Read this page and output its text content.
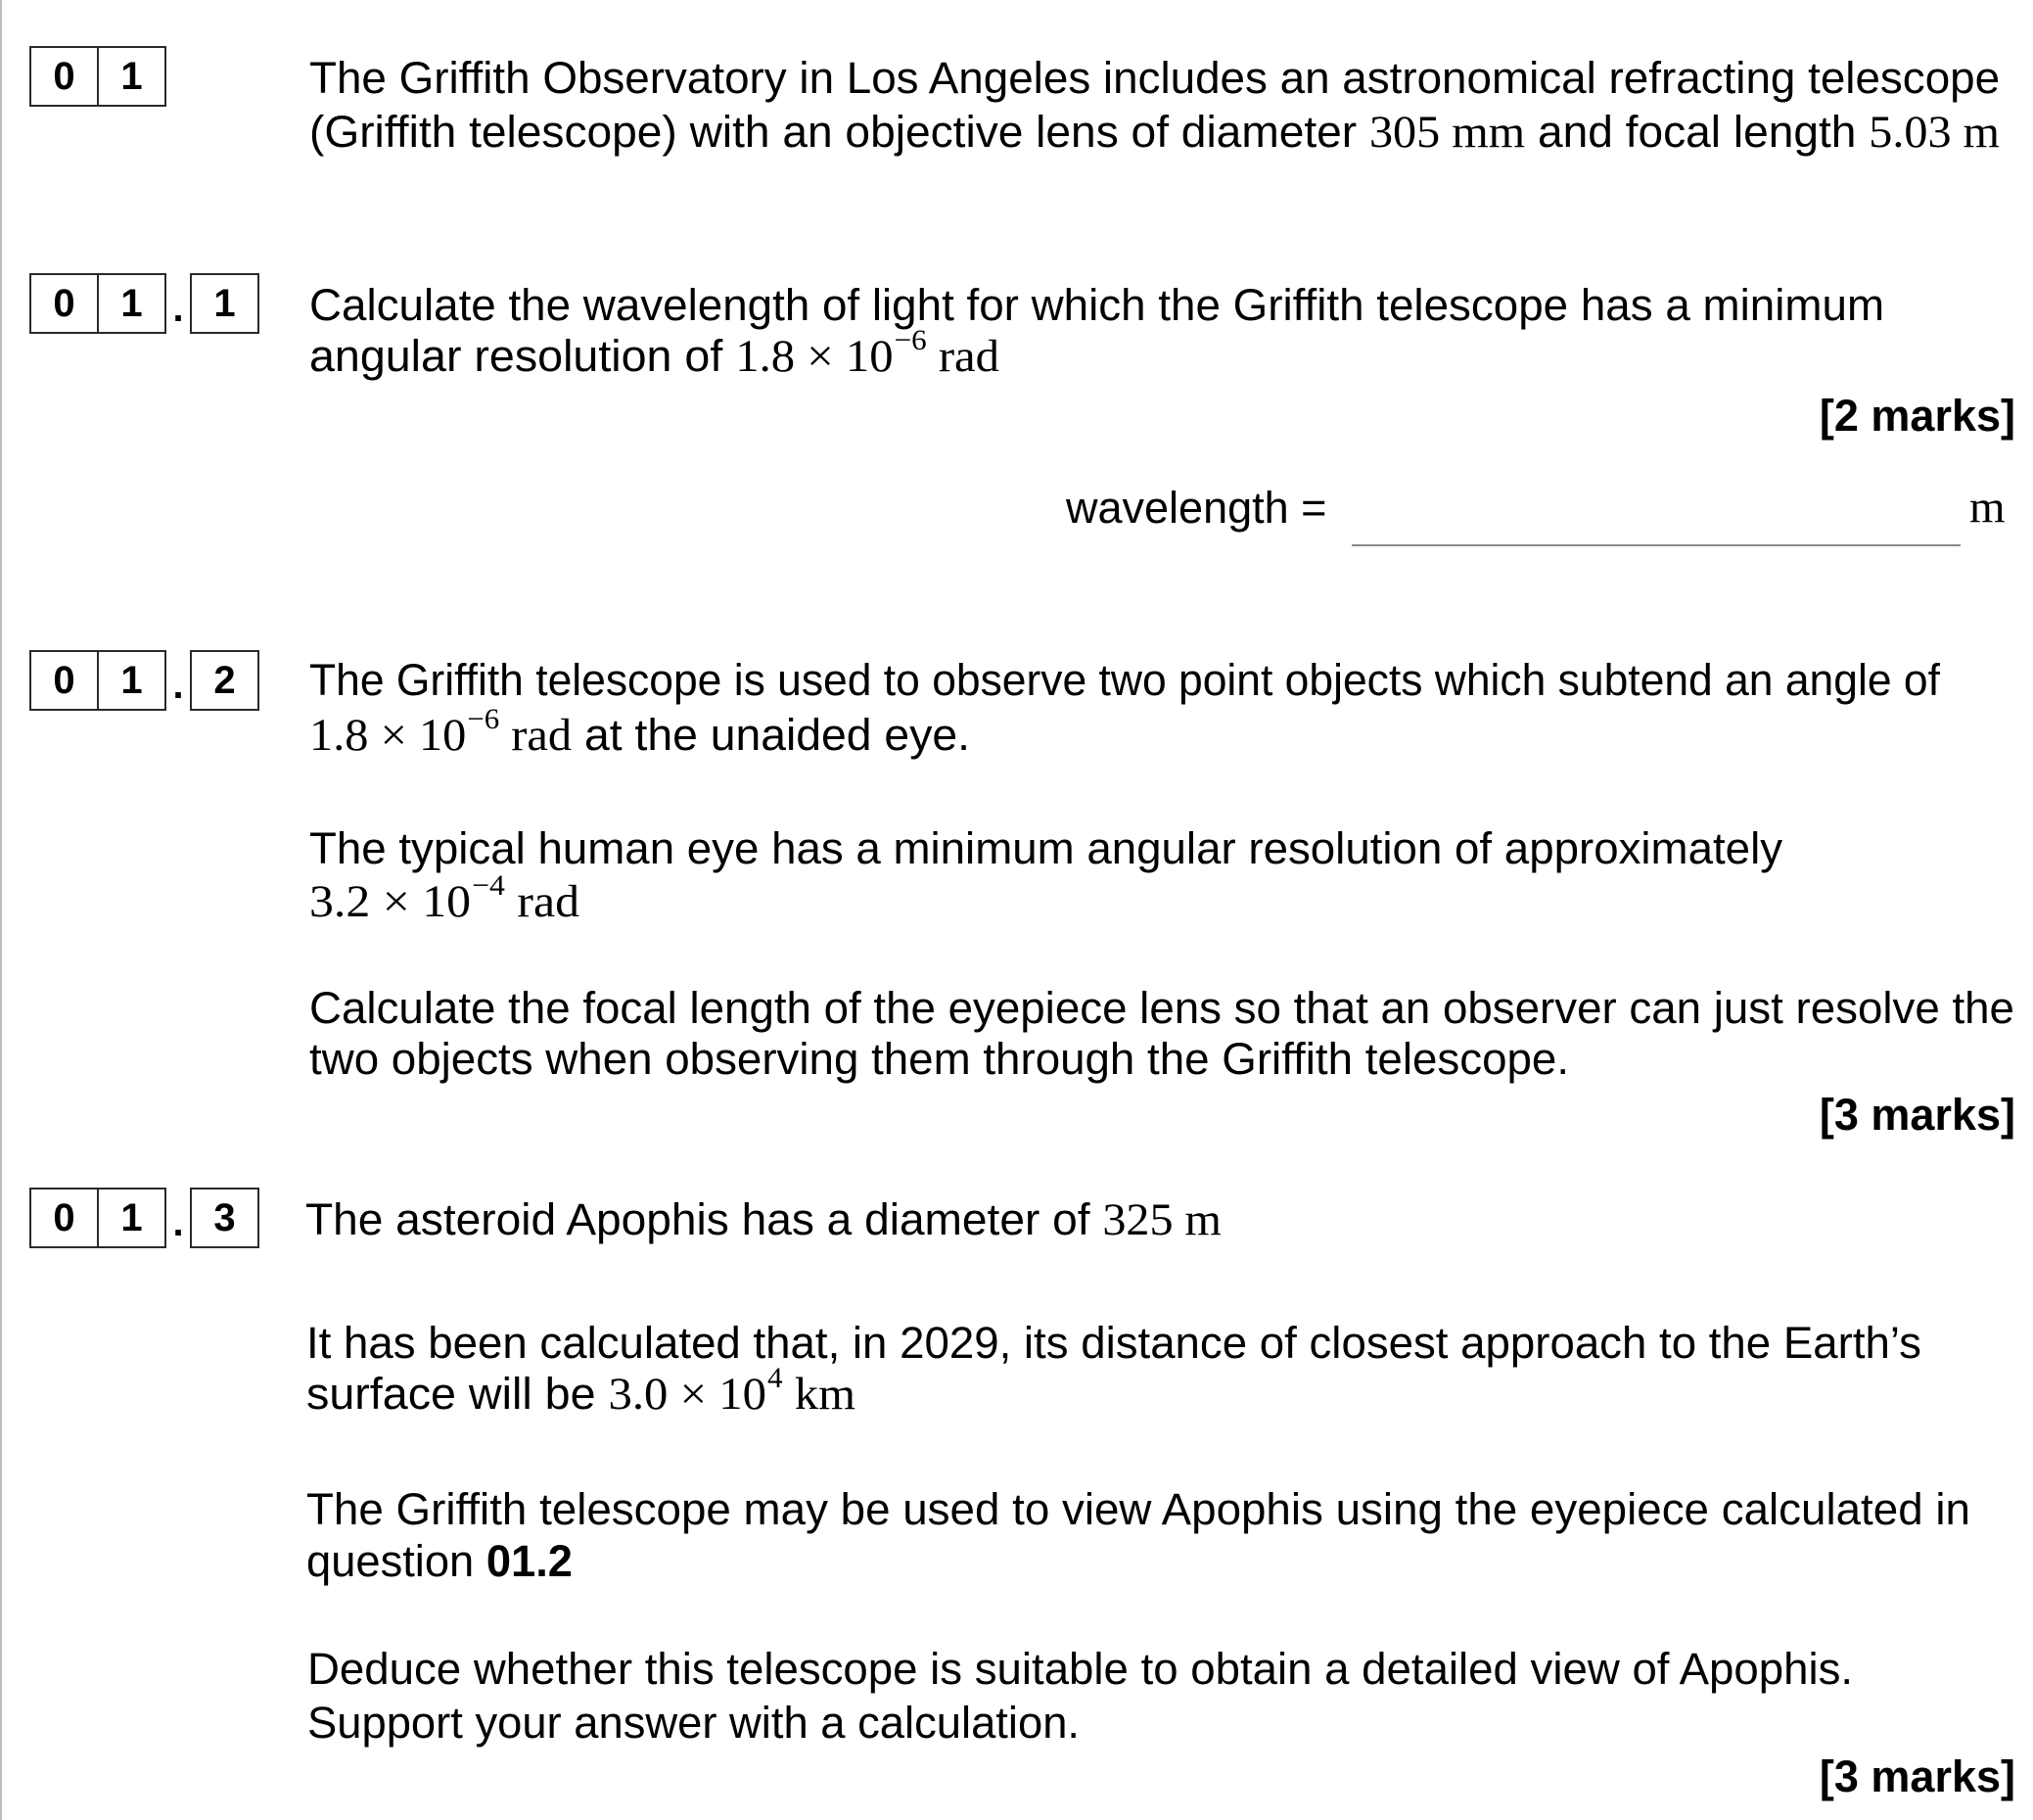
0	1	The Griffith Observatory in Los Angeles includes an astronomical refracting telescope
(Griffith telescope) with an objective lens of diameter 305 mm and focal length 5.03 m
0	1 . 1	Calculate the wavelength of light for which the Griffith telescope has a minimum
angular resolution of $1.8 \times 10^{-6}$ rad
0	1 . 2	The Griffith telescope is used to observe two point objects which subtend an angle of
$1.8 \times 10^{-6}$ rad at the unaided eye.
The typical human eye has a minimum angular resolution of approximately
$3.2 \times 10^{-4}$ rad
Calculate the focal length of the eyepiece lens so that an observer can just resolve the
two objects when observing them through the Griffith telescope.
0	1 . 3	The asteroid Apophis has a diameter of 325 m
It has been calculated that, in 2029, its distance of closest approach to the Earth’s
surface will be $3.0 \times 10^4$ km
The Griffith telescope may be used to view Apophis using the eyepiece calculated in
question 01.2
Deduce whether this telescope is suitable to obtain a detailed view of Apophis.
Support your answer with a calculation.
wavelength =	m
[2 marks]
[3 marks]
[3 marks]
